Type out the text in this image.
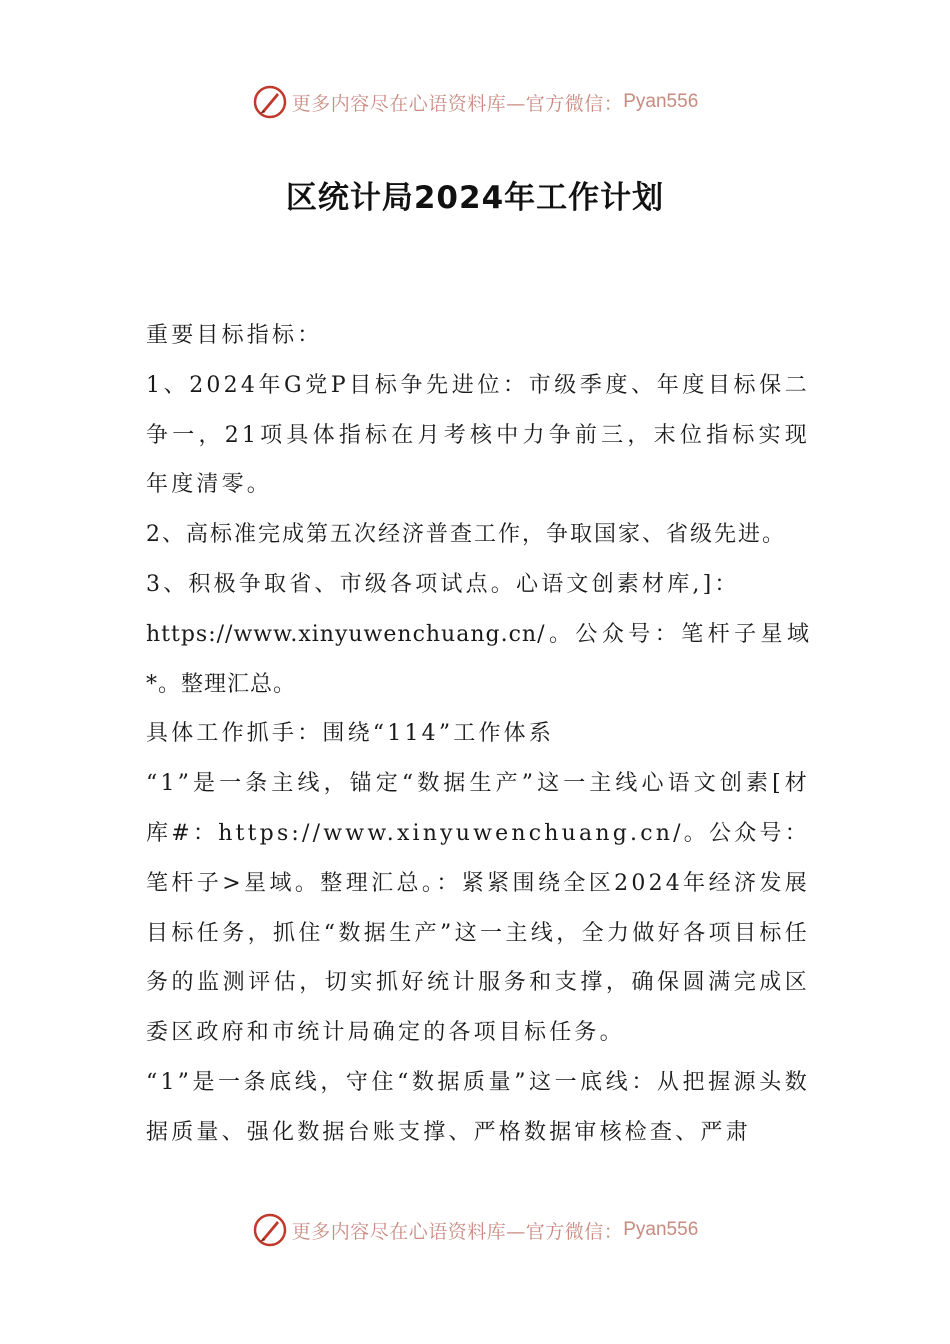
更多内容尽在心语资料库—官方微信： Pyan556
区统计局2024年工作计划

重要目标指标：

1、2024年G党P目标争先进位：市级季度、年度目标保二争一，21项具体指标在月考核中力争前三，末位指标实现年度清零。

2、高标准完成第五次经济普查工作，争取国家、省级先进。

3、积极争取省、市级各项试点。心语文创素材库,]：

https://www.xinyuwenchuang.cn/。公众号：笔杆子星域*。整理汇总。

具体工作抓手：围绕“114”工作体系

“1”是一条主线，锚定“数据生产”这一主线心语文创素[材库#：https://www.xinyuwenchuang.cn/。公众号：笔杆子>星域。整理汇总。：紧紧围绕全区2024年经济发展目标任务，抓住“数据生产”这一主线，全力做好各项目标任务的监测评估，切实抓好统计服务和支撑，确保圆满完成区委区政府和市统计局确定的各项目标任务。

“1”是一条底线，守住“数据质量”这一底线：从把握源头数据质量、强化数据台账支撑、严格数据审核检查、严肃

更多内容尽在心语资料库—官方微信： Pyan556
